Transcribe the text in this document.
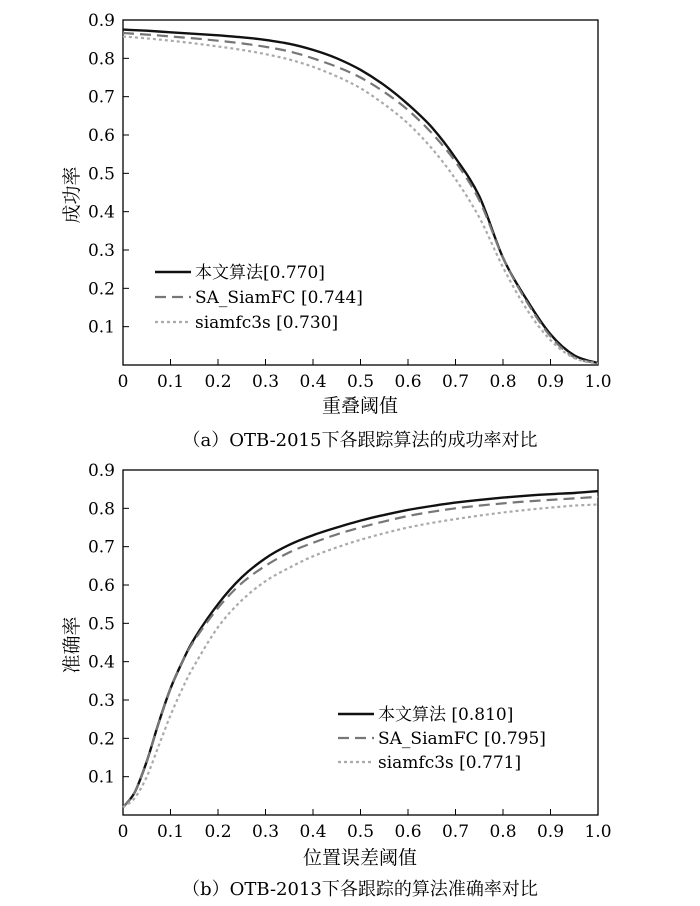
0 0.1 0.2 0.3 0.4 0.5 0.6 0.7 0.8 0.9 1.0
0.1
0.2
0.3
0.4
0.5
0.6
0.7
0.8
0.9
本文算法[0.770]
SA_SiamFC [0.744]
siamfc3s [0.730]
重叠阈值
成功率
（a）OTB-2015下各跟踪算法的成功率对比
0 0.1 0.2 0.3 0.4 0.5 0.6 0.7 0.8 0.9 1.0
0.1
0.2
0.3
0.4
0.5
0.6
0.7
0.8
0.9
本文算法 [0.810]
SA_SiamFC [0.795]
siamfc3s [0.771]
位置误差阈值
准确率
（b）OTB-2013下各跟踪的算法准确率对比
